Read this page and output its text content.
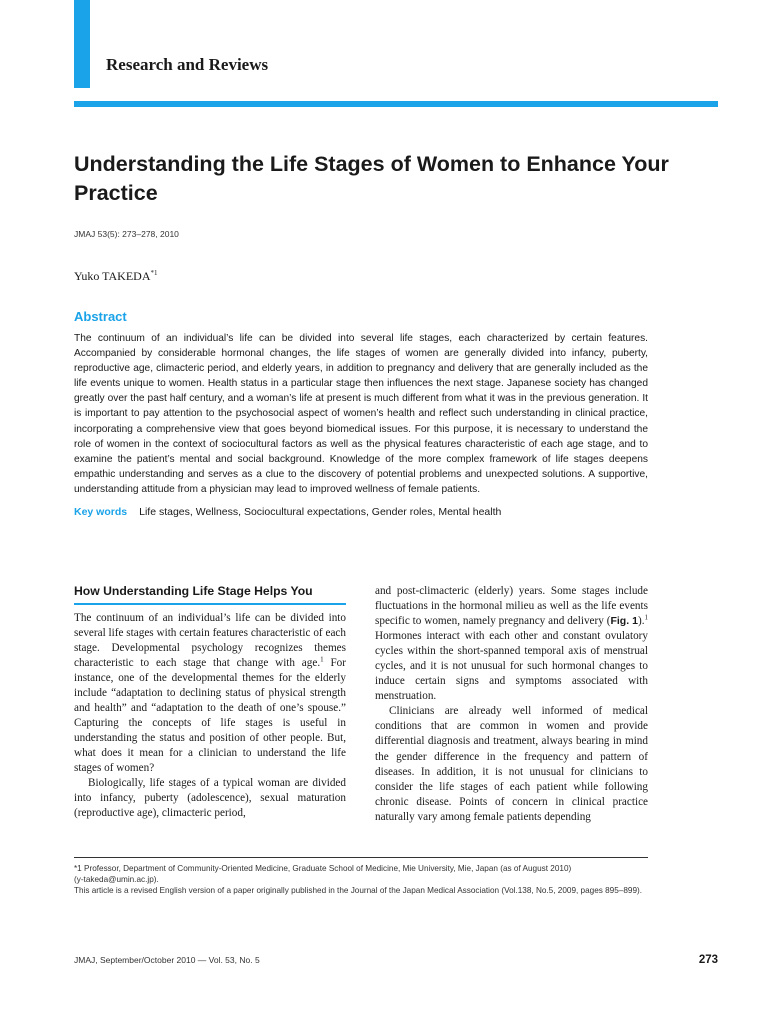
Research and Reviews
Understanding the Life Stages of Women to Enhance Your Practice
JMAJ 53(5): 273–278, 2010
Yuko TAKEDA$^{*1}$
Abstract
The continuum of an individual’s life can be divided into several life stages, each characterized by certain features. Accompanied by considerable hormonal changes, the life stages of women are generally divided into infancy, puberty, reproductive age, climacteric period, and elderly years, in addition to pregnancy and delivery that are generally included as the life events unique to women. Health status in a particular stage then influences the next stage. Japanese society has changed greatly over the past half century, and a woman’s life at present is much different from what it was in the previous generation. It is important to pay attention to the psychosocial aspect of women’s health and reflect such understanding in clinical practice, incorporating a comprehensive view that goes beyond biomedical issues. For this purpose, it is necessary to understand the role of women in the context of sociocultural factors as well as the physical features characteristic of each age stage, and to examine the patient’s mental and social background. Knowledge of the more complex framework of life stages deepens empathic understanding and serves as a clue to the discovery of potential problems and unexpected solutions. A supportive, understanding attitude from a physician may lead to improved wellness of female patients.
Key words Life stages, Wellness, Sociocultural expectations, Gender roles, Mental health
How Understanding Life Stage Helps You

The continuum of an individual’s life can be divided into several life stages with certain features characteristic of each stage. Developmental psychology recognizes themes characteristic to each stage that change with age.$^1$ For instance, one of the developmental themes for the elderly include “adaptation to declining status of physical strength and health” and “adaptation to the death of one’s spouse.” Capturing the concepts of life stages is useful in understanding the status and position of other people. But, what does it mean for a clinician to understand the life stages of women?

Biologically, life stages of a typical woman are divided into infancy, puberty (adolescence), sexual maturation (reproductive age), climacteric period,

and post-climacteric (elderly) years. Some stages include fluctuations in the hormonal milieu as well as the life events specific to women, namely pregnancy and delivery (Fig. 1).$^1$ Hormones interact with each other and constant ovulatory cycles within the short-spanned temporal axis of menstrual cycles, and it is not unusual for such hormonal changes to induce certain signs and symptoms associated with menstruation.

Clinicians are already well informed of medical conditions that are common in women and provide differential diagnosis and treatment, always bearing in mind the gender difference in the frequency and pattern of diseases. In addition, it is not unusual for clinicians to consider the life stages of each patient while following chronic disease. Points of concern in clinical practice naturally vary among female patients depending

*1 Professor, Department of Community-Oriented Medicine, Graduate School of Medicine, Mie University, Mie, Japan (as of August 2010)
(y-takeda@umin.ac.jp).
This article is a revised English version of a paper originally published in the Journal of the Japan Medical Association (Vol.138, No.5, 2009, pages 895–899).
JMAJ, September/October 2010 — Vol. 53, No. 5	273
